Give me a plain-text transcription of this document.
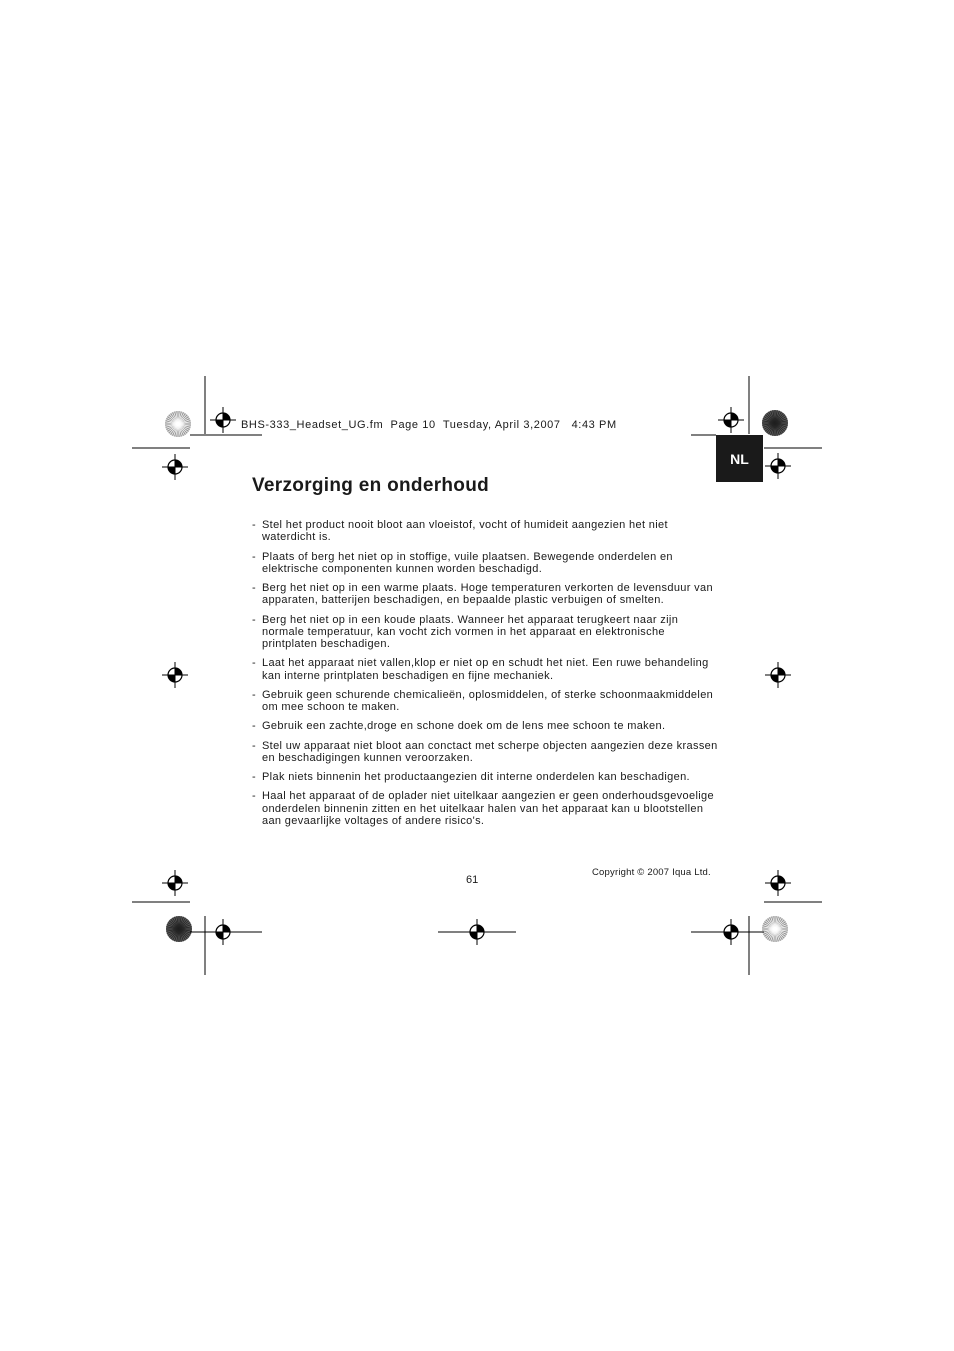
BHS-333_Headset_UG.fm  Page 10  Tuesday, April 3,2007   4:43 PM
NL
Verzorging en onderhoud
- Stel het product nooit bloot aan vloeistof, vocht of humideit aangezien het niet waterdicht is.
- Plaats of berg het niet op in stoffige, vuile plaatsen. Bewegende onderdelen en elektrische componenten kunnen worden beschadigd.
- Berg het niet op in een warme plaats. Hoge temperaturen verkorten de levensduur van apparaten, batterijen beschadigen, en bepaalde plastic verbuigen of smelten.
- Berg het niet op in een koude plaats. Wanneer het apparaat terugkeert naar zijn normale temperatuur, kan vocht zich vormen in het apparaat en elektronische printplaten beschadigen.
- Laat het apparaat niet vallen,klop er niet op en schudt het niet. Een ruwe behandeling kan interne printplaten beschadigen en fijne mechaniek.
- Gebruik geen schurende chemicalieën, oplosmiddelen, of sterke schoonmaakmiddelen om mee schoon te maken.
- Gebruik een zachte,droge en schone doek om de lens mee schoon te maken.
- Stel uw apparaat niet bloot aan conctact met scherpe objecten aangezien deze krassen en beschadigingen kunnen veroorzaken.
- Plak niets binnenin het productaangezien dit interne onderdelen kan beschadigen.
- Haal het apparaat of de oplader niet uitelkaar aangezien er geen onderhoudsgevoelige onderdelen binnenin zitten en het uitelkaar halen van het apparaat kan u blootstellen aan gevaarlijke voltages of andere risico's.
61
Copyright © 2007 Iqua Ltd.
